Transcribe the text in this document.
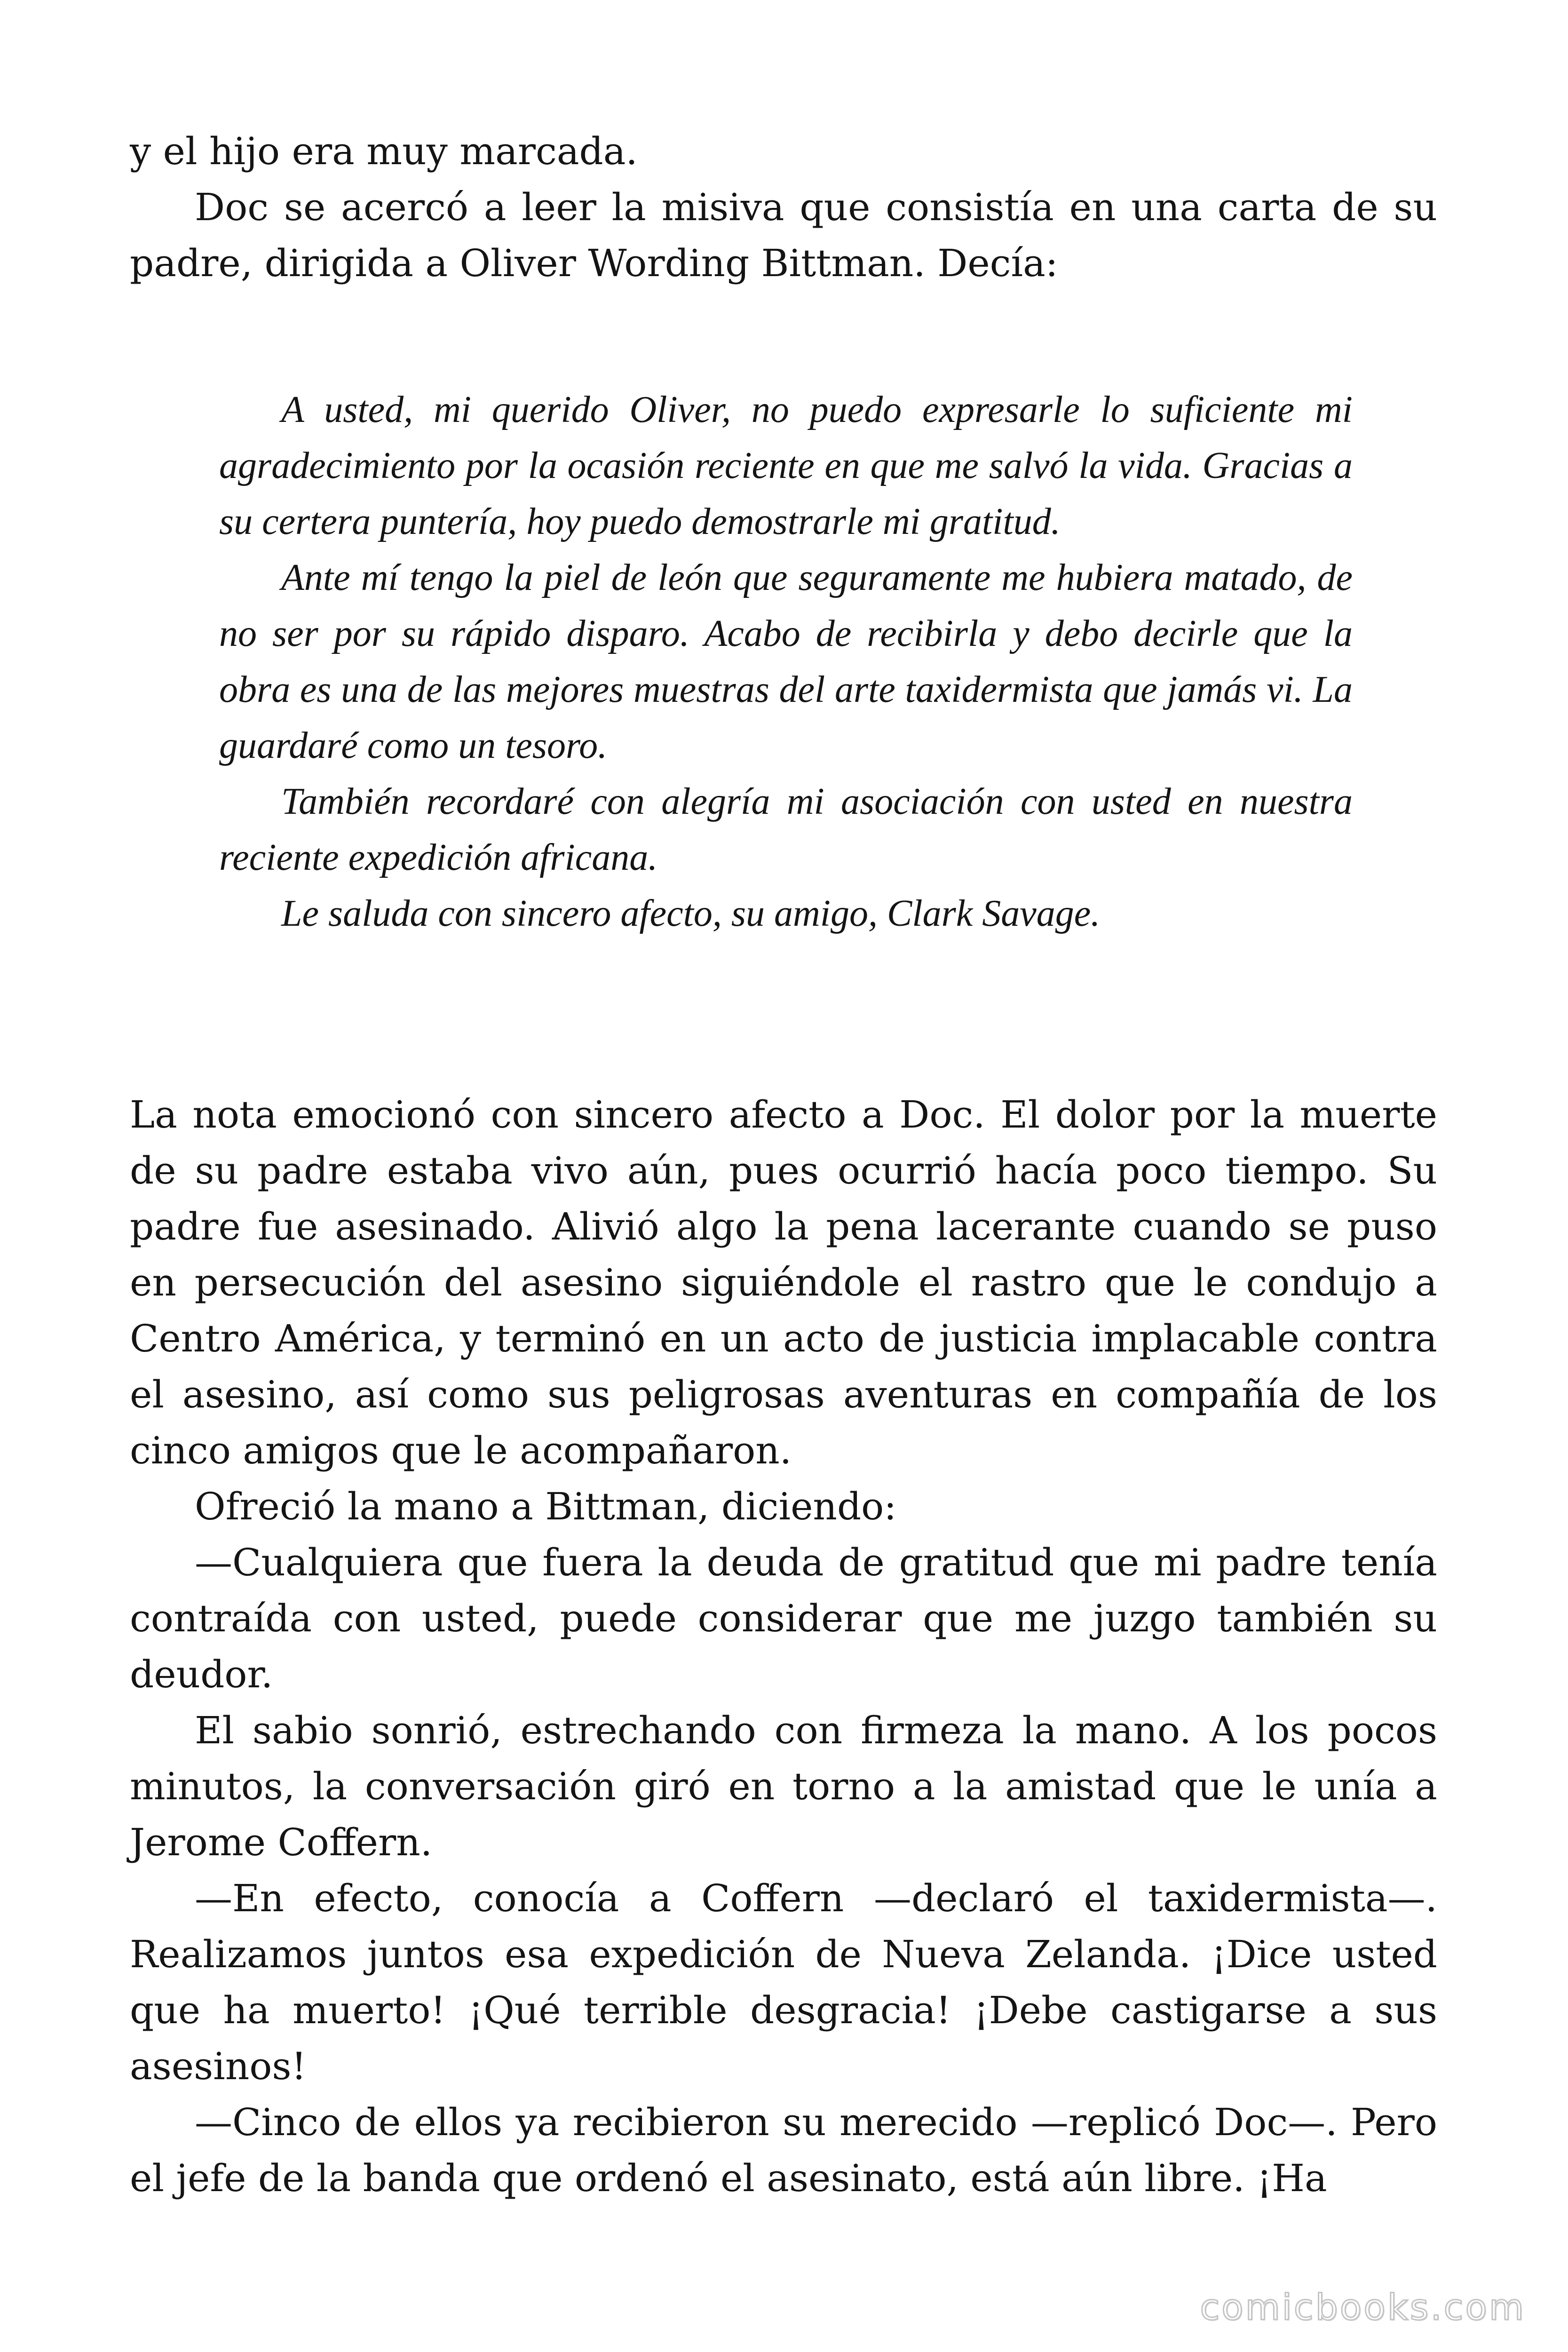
y el hijo era muy marcada.

Doc se acercó a leer la misiva que consistía en una carta de su padre, dirigida a Oliver Wording Bittman. Decía:

A usted, mi querido Oliver, no puedo expresarle lo suficiente mi agradecimiento por la ocasión reciente en que me salvó la vida. Gracias a su certera puntería, hoy puedo demostrarle mi gratitud.

Ante mí tengo la piel de león que seguramente me hubiera matado, de no ser por su rápido disparo. Acabo de recibirla y debo decirle que la obra es una de las mejores muestras del arte taxidermista que jamás vi. La guardaré como un tesoro.

También recordaré con alegría mi asociación con usted en nuestra reciente expedición africana.

Le saluda con sincero afecto, su amigo, Clark Savage.

La nota emocionó con sincero afecto a Doc. El dolor por la muerte de su padre estaba vivo aún, pues ocurrió hacía poco tiempo. Su padre fue asesinado. Alivió algo la pena lacerante cuando se puso en persecución del asesino siguiéndole el rastro que le condujo a Centro América, y terminó en un acto de justicia implacable contra el asesino, así como sus peligrosas aventuras en compañía de los cinco amigos que le acompañaron.

Ofreció la mano a Bittman, diciendo:

—Cualquiera que fuera la deuda de gratitud que mi padre tenía contraída con usted, puede considerar que me juzgo también su deudor.

El sabio sonrió, estrechando con firmeza la mano. A los pocos minutos, la conversación giró en torno a la amistad que le unía a Jerome Coffern.

—En efecto, conocía a Coffern —declaró el taxidermista—. Realizamos juntos esa expedición de Nueva Zelanda. ¡Dice usted que ha muerto! ¡Qué terrible desgracia! ¡Debe castigarse a sus asesinos!

—Cinco de ellos ya recibieron su merecido —replicó Doc—. Pero el jefe de la banda que ordenó el asesinato, está aún libre. ¡Ha

comicbooks.com
